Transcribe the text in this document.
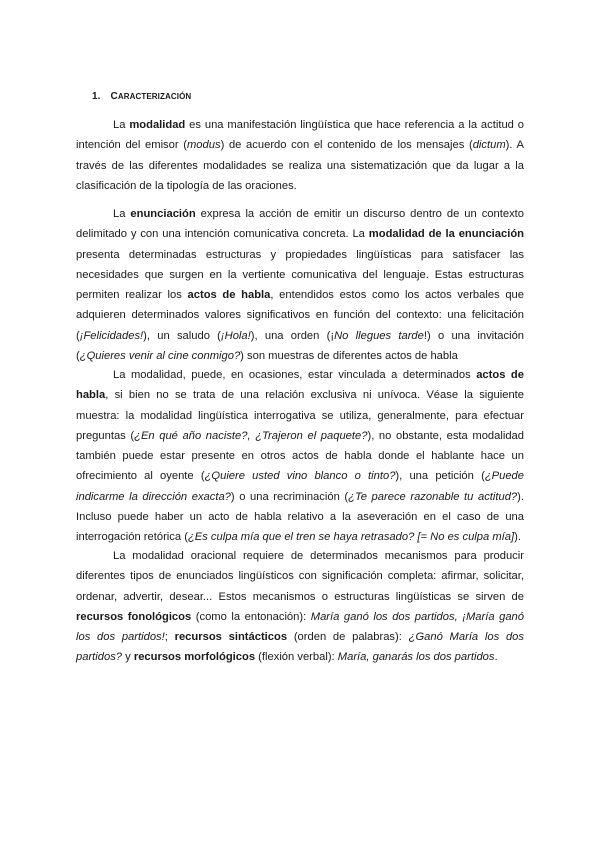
1. CARACTERIZACIÓN

La modalidad es una manifestación lingüística que hace referencia a la actitud o intención del emisor (modus) de acuerdo con el contenido de los mensajes (dictum). A través de las diferentes modalidades se realiza una sistematización que da lugar a la clasificación de la tipología de las oraciones.

La enunciación expresa la acción de emitir un discurso dentro de un contexto delimitado y con una intención comunicativa concreta. La modalidad de la enunciación presenta determinadas estructuras y propiedades lingüísticas para satisfacer las necesidades que surgen en la vertiente comunicativa del lenguaje. Estas estructuras permiten realizar los actos de habla, entendidos estos como los actos verbales que adquieren determinados valores significativos en función del contexto: una felicitación (¡Felicidades!), un saludo (¡Hola!), una orden (¡No llegues tarde!) o una invitación (¿Quieres venir al cine conmigo?) son muestras de diferentes actos de habla

La modalidad, puede, en ocasiones, estar vinculada a determinados actos de habla, si bien no se trata de una relación exclusiva ni unívoca. Véase la siguiente muestra: la modalidad lingüística interrogativa se utiliza, generalmente, para efectuar preguntas (¿En qué año naciste?, ¿Trajeron el paquete?), no obstante, esta modalidad también puede estar presente en otros actos de habla donde el hablante hace un ofrecimiento al oyente (¿Quiere usted vino blanco o tinto?), una petición (¿Puede indicarme la dirección exacta?) o una recriminación (¿Te parece razonable tu actitud?). Incluso puede haber un acto de habla relativo a la aseveración en el caso de una interrogación retórica (¿Es culpa mía que el tren se haya retrasado? [= No es culpa mía]).

La modalidad oracional requiere de determinados mecanismos para producir diferentes tipos de enunciados lingüísticos con significación completa: afirmar, solicitar, ordenar, advertir, desear... Estos mecanismos o estructuras lingüísticas se sirven de recursos fonológicos (como la entonación): María ganó los dos partidos, ¡María ganó los dos partidos!; recursos sintácticos (orden de palabras): ¿Ganó María los dos partidos? y recursos morfológicos (flexión verbal): María, ganarás los dos partidos.
